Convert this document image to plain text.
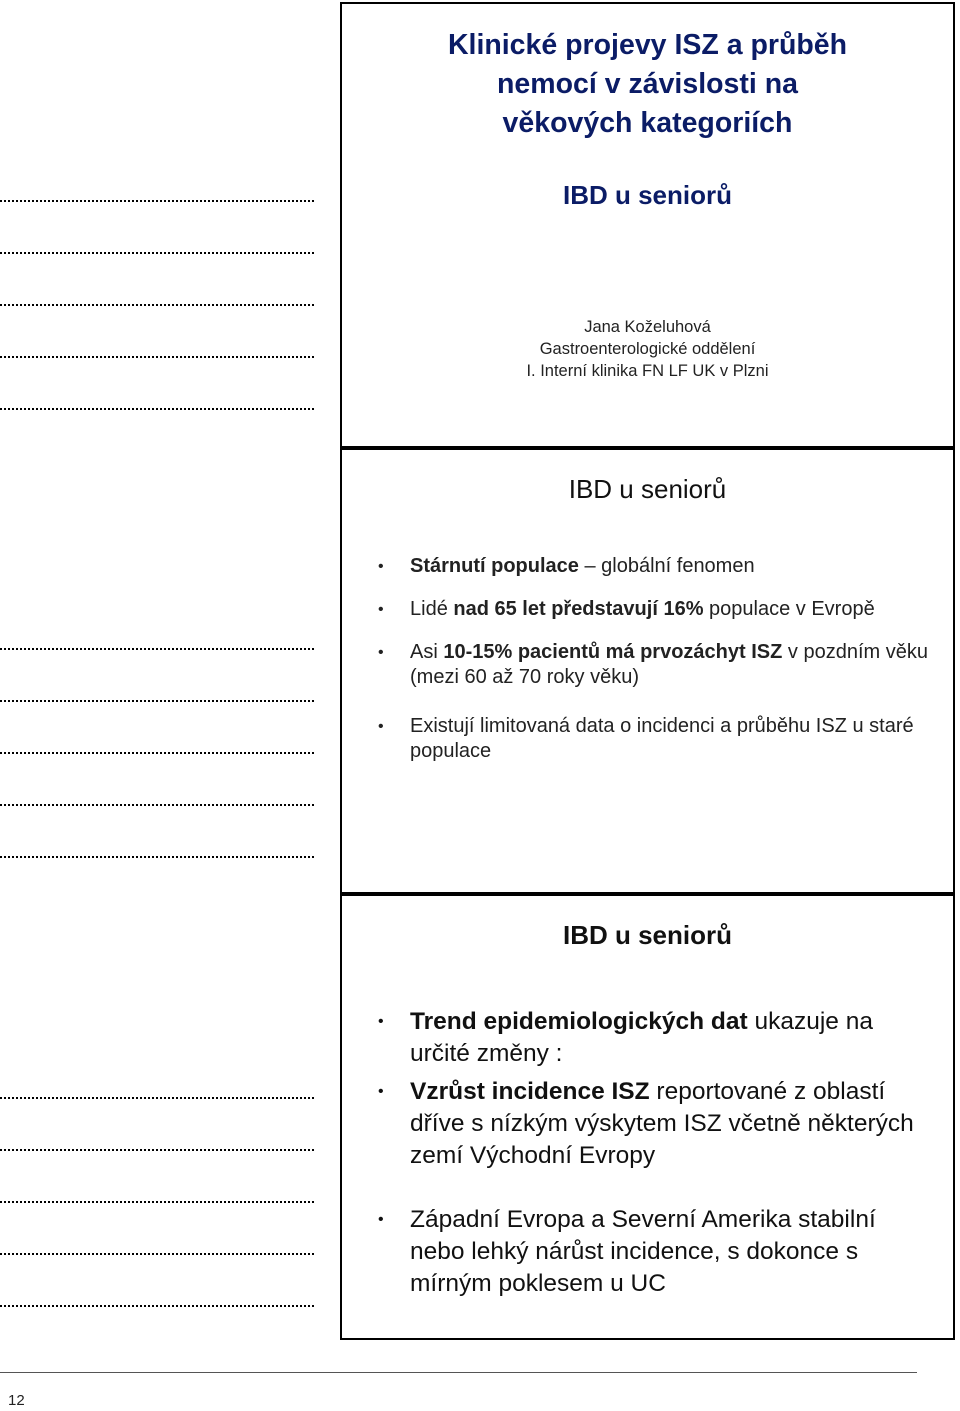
Klinické projevy ISZ a průběh
nemocí v závislosti na
věkových kategoriích
IBD u seniorů
Jana Koželuhová
Gastroenterologické oddělení
I. Interní klinika FN LF UK v Plzni
IBD u seniorů
• Stárnutí populace – globální fenomen
• Lidé nad 65 let představují 16% populace v Evropě
• Asi 10-15% pacientů má prvozáchyt ISZ v pozdním věku (mezi 60 až 70 roky věku)
• Existují limitovaná data o incidenci a průběhu ISZ u staré populace
IBD u seniorů
• Trend epidemiologických dat ukazuje na určité změny :
• Vzrůst incidence ISZ reportované z oblastí dříve s nízkým výskytem ISZ včetně některých zemí Východní Evropy
• Západní Evropa a Severní Amerika stabilní nebo lehký nárůst incidence, s dokonce s mírným poklesem u UC
12
